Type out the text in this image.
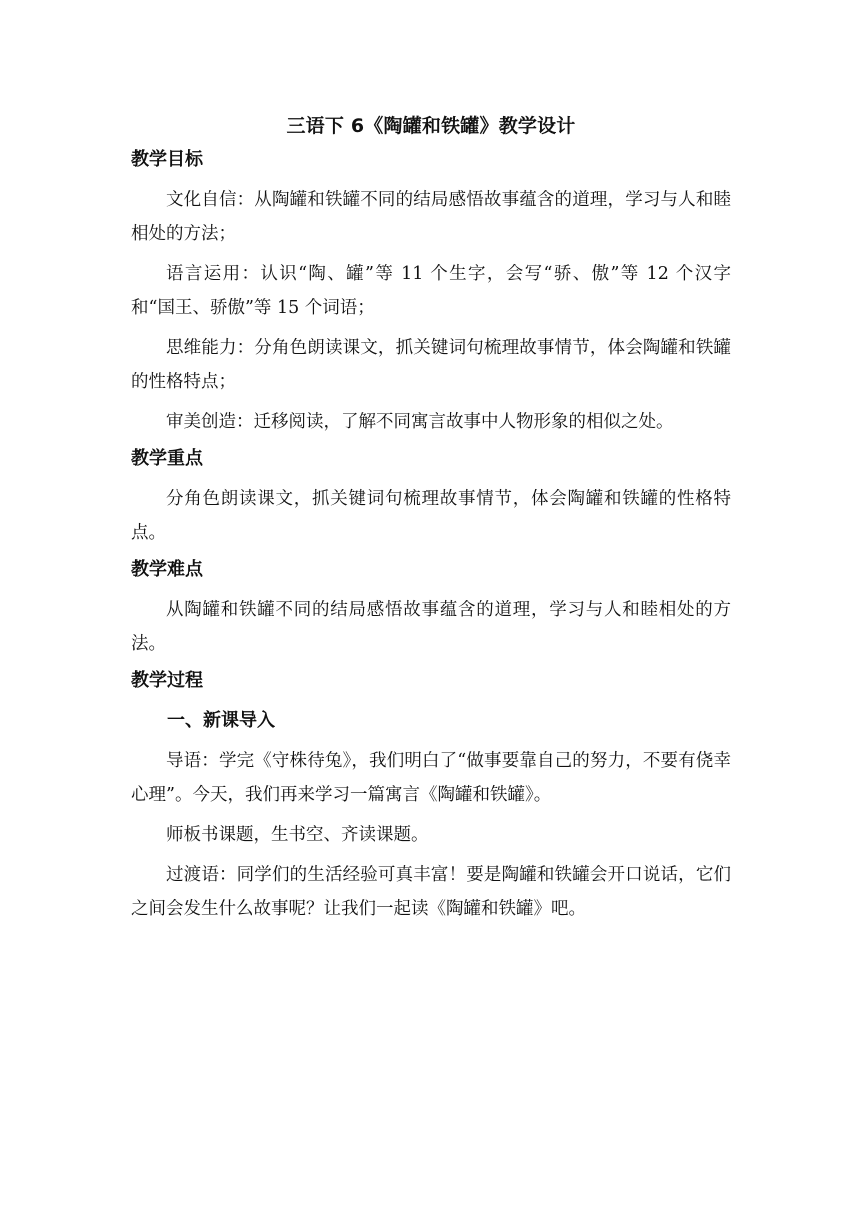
三语下 6《陶罐和铁罐》教学设计
教学目标

文化自信：从陶罐和铁罐不同的结局感悟故事蕴含的道理，学习与人和睦相处的方法；

语言运用：认识“陶、罐”等 11 个生字，会写“骄、傲”等 12 个汉字和“国王、骄傲”等 15 个词语；

思维能力：分角色朗读课文，抓关键词句梳理故事情节，体会陶罐和铁罐的性格特点；

审美创造：迁移阅读，了解不同寓言故事中人物形象的相似之处。

教学重点

分角色朗读课文，抓关键词句梳理故事情节，体会陶罐和铁罐的性格特点。

教学难点

从陶罐和铁罐不同的结局感悟故事蕴含的道理，学习与人和睦相处的方法。

教学过程
一、新课导入

导语：学完《守株待兔》，我们明白了“做事要靠自己的努力，不要有侥幸心理”。今天，我们再来学习一篇寓言《陶罐和铁罐》。

师板书课题，生书空、齐读课题。

过渡语：同学们的生活经验可真丰富！要是陶罐和铁罐会开口说话，它们之间会发生什么故事呢？让我们一起读《陶罐和铁罐》吧。
